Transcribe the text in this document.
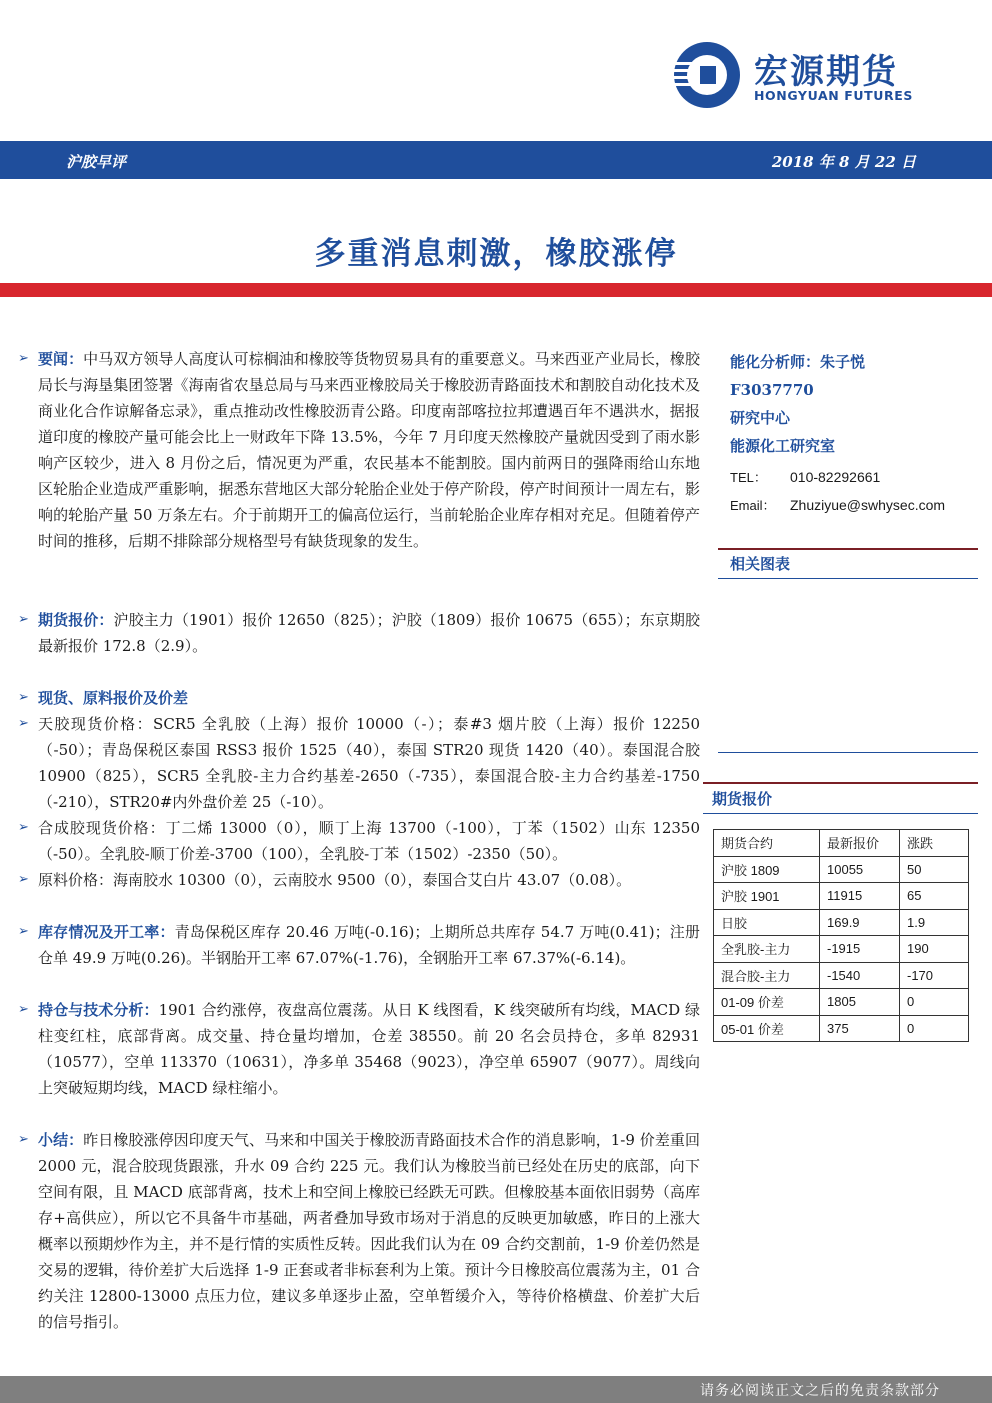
宏源期货
HONGYUAN FUTURES
沪胶早评	2018 年 8 月 22 日
多重消息刺激，橡胶涨停
➢ 要闻：中马双方领导人高度认可棕榈油和橡胶等货物贸易具有的重要意义。马来西亚产业局长，橡胶局长与海垦集团签署《海南省农垦总局与马来西亚橡胶局关于橡胶沥青路面技术和割胶自动化技术及商业化合作谅解备忘录》，重点推动改性橡胶沥青公路。印度南部喀拉拉邦遭遇百年不遇洪水，据报道印度的橡胶产量可能会比上一财政年下降 13.5%，今年 7 月印度天然橡胶产量就因受到了雨水影响产区较少，进入 8 月份之后，情况更为严重，农民基本不能割胶。国内前两日的强降雨给山东地区轮胎企业造成严重影响，据悉东营地区大部分轮胎企业处于停产阶段，停产时间预计一周左右，影响的轮胎产量 50 万条左右。介于前期开工的偏高位运行，当前轮胎企业库存相对充足。但随着停产时间的推移，后期不排除部分规格型号有缺货现象的发生。
➢ 期货报价：沪胶主力（1901）报价 12650（825）；沪胶（1809）报价 10675（655）；东京期胶最新报价 172.8（2.9）。
➢ 现货、原料报价及价差
➢ 天胶现货价格：SCR5 全乳胶（上海）报价 10000（-）；泰#3 烟片胶（上海）报价 12250（-50）；青岛保税区泰国 RSS3 报价 1525（40），泰国 STR20 现货 1420（40）。泰国混合胶 10900（825），SCR5 全乳胶-主力合约基差-2650（-735），泰国混合胶-主力合约基差-1750（-210），STR20#内外盘价差 25（-10）。
➢ 合成胶现货价格：丁二烯 13000（0），顺丁上海 13700（-100），丁苯（1502）山东 12350（-50）。全乳胶-顺丁价差-3700（100），全乳胶-丁苯（1502）-2350（50）。
➢ 原料价格：海南胶水 10300（0），云南胶水 9500（0），泰国合艾白片 43.07（0.08）。
➢ 库存情况及开工率：青岛保税区库存 20.46 万吨(-0.16)；上期所总共库存 54.7 万吨(0.41)；注册仓单 49.9 万吨(0.26)。半钢胎开工率 67.07%(-1.76)，全钢胎开工率 67.37%(-6.14)。
➢ 持仓与技术分析：1901 合约涨停，夜盘高位震荡。从日 K 线图看，K 线突破所有均线，MACD 绿柱变红柱，底部背离。成交量、持仓量均增加，仓差 38550。前 20 名会员持仓，多单 82931（10577），空单 113370（10631），净多单 35468（9023），净空单 65907（9077）。周线向上突破短期均线，MACD 绿柱缩小。
➢ 小结：昨日橡胶涨停因印度天气、马来和中国关于橡胶沥青路面技术合作的消息影响，1-9 价差重回 2000 元，混合胶现货跟涨，升水 09 合约 225 元。我们认为橡胶当前已经处在历史的底部，向下空间有限，且 MACD 底部背离，技术上和空间上橡胶已经跌无可跌。但橡胶基本面依旧弱势（高库存+高供应），所以它不具备牛市基础，两者叠加导致市场对于消息的反映更加敏感，昨日的上涨大概率以预期炒作为主，并不是行情的实质性反转。因此我们认为在 09 合约交割前，1-9 价差仍然是交易的逻辑，待价差扩大后选择 1-9 正套或者非标套利为上策。预计今日橡胶高位震荡为主，01 合约关注 12800-13000 点压力位，建议多单逐步止盈，空单暂缓介入，等待价格横盘、价差扩大后的信号指引。
能化分析师：朱子悦
F3037770
研究中心
能源化工研究室
TEL： 010-82292661
Email： Zhuziyue@swhysec.com
相关图表
期货报价
期货合约	最新报价	涨跌
沪胶 1809	10055	50
沪胶 1901	11915	65
日胶	169.9	1.9
全乳胶-主力	-1915	190
混合胶-主力	-1540	-170
01-09 价差	1805	0
05-01 价差	375	0
请务必阅读正文之后的免责条款部分
